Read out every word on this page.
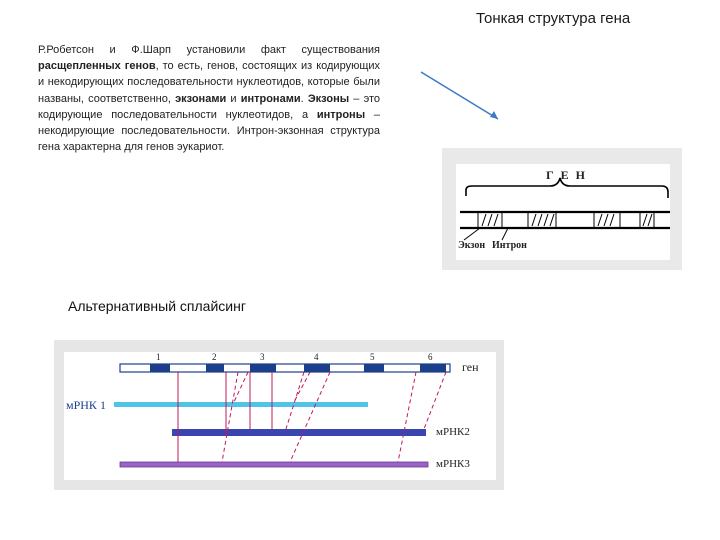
Тонкая структура гена
Р.Робетсон и Ф.Шарп установили факт существования расщепленных генов, то есть, генов, состоящих из кодирующих и некодирующих последовательности нуклеотидов, которые были названы, соответственно, экзонами и интронами. Экзоны – это кодирующие последовательности нуклеотидов, а интроны – некодирующие последовательности. Интрон-экзонная структура гена характерна для генов эукариот.
Г Е Н
Экзон Интрон
Альтернативный сплайсинг
1	2	3	4	5	6
ген
мРНК 1
мРНК2
мРНК3
